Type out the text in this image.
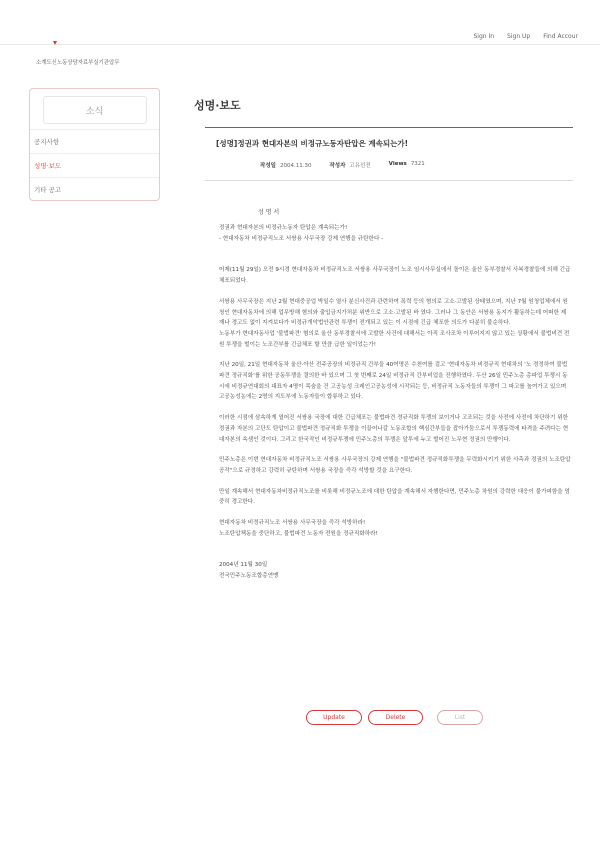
Sign In Sign Up Find Accour
소계도신노동상담자료부실기관압무
소식
공지사항
성명·보도
기타 공고
성명·보도
[성명]정권과 현대자본의 비정규노동자탄압은 계속되는가!
작성일 2004.11.30	작성자 고유선전	Views 7321
성 명 서

정권과 현대자본의 비정규노동자 탄압은 계속되는가!

- 현대자동차 비정규직노조 서쌍용 사무국장 강제 연행을 규탄한다 -

어제(11월 29일) 오전 9시경 현대자동차 비정규직노조 서쌍용 사무국장이 노조 임시사무실에서 돌이온 울산 동부경찰서 사복경찰들에 의해 긴급 체포되었다.

서쌍용 사무국장은 지난 2월 현대중공업 박일수 열사 분신사건과 관련하여 폭력 등의 혐의로 고소·고발된 상태였으며, 지난 7월 원청업체에서 원청인 현대자동차에 의해 업무방해 혐의와 출입금지가처분 위반으로 고소·고발된 바 였다. 그러나 그 동안은 서쌍용 동지가 활동하는데 어떠한 제재나 경고도 없이 지켜보다가 비정규개악법안관련 투쟁이 전개되고 있는 이 시점에 긴급 체포한 의도가 다분히 불순하다.

노동부가 현대자동사업 '불법파견' 혐의로 울산 동부경찰서에 고발한 사건에 대해서는 아직 조사조차 이루어지지 않고 있는 상황에서 불법비견 전원 투쟁을 벌이는 노조간부를 긴급체포 할 만큼 급한 일이었는가!

지난 20일, 21일 현대자동차 울산·아산 전주공장의 비정규직 간부들 40여명은 수천여를 걸고 '현대자동차 비정규직 현대차의 '노 경정하여 불법파견 정규직화'를 위한 공동투쟁을 결의한 바 있으며 그 첫 번째로 24일 비정규직 간부비업을 진행하였다. 두산 26일 민주노총 총파업 투쟁시 동시에 비정규연대회의 대표자 4명이 목숨을 건 고공농성 크레인고공농성에 시작되는 등, 비정규직 노동자들의 투쟁이 그 파고를 높여가고 있으며 고공농성농에는 2명의 지도부에 노동자들이 합류하고 있다.

이러한 시점에 삼속하게 열어진 서쌍용 국장에 대한 긴급체포는 불법파견 정규직화 투쟁의 보이거나 고조되는 것을 사전에 사전에 차단하기 위한 정권과 자본의 고단도 탄압이고 불법파견 정규직화 투쟁을 이끌어나갈 노동조합의 핵심간부들을 잡아가둠으로서 투쟁동력에 타격을 주려다는 현대자본의 속셈인 것이다. 그리고 한국작인 비정규투쟁에 민주노총의 투쟁은 앞투에 누고 벌어진 노무현 정권의 만행이다.

민주노총은 이번 현대자동차 비정규직노조 서쌍용 사무국장의 강제 연행을 "불법파견 정규직화투쟁을 무력화시키기 위한 사측과 정권의 노조탄압공작"으로 규정하고 강력히 규탄하며 서쌍용 국장을 즉각 석방할 것을 요구한다.

만일 계속해서 현대자동차비정규직노조를 비롯해 비정규노조에 대한 탄압을 계속해서 자행한다면, 민주노총 차원의 강력한 대응이 불가피함을 엄중히 경고한다.

현대자동차 비정규직노조 서쌍용 사무국장을 즉각 석방하라!

노조탄압책동을 중단하고, 불법파견 노동자 전원을 정규직화하라!

2004년 11월 30일

전국민주노동조합총연맹

Update	Delete	List
